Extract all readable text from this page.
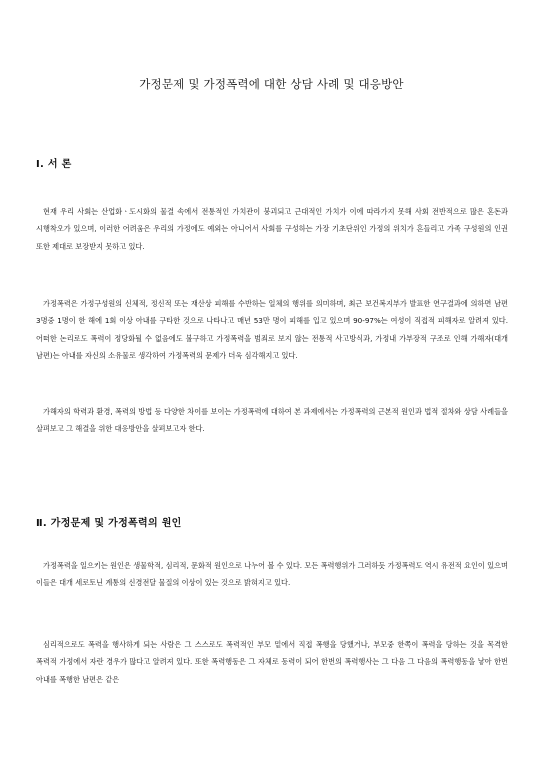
가정문제 및 가정폭력에 대한 상담 사례 및 대응방안
Ⅰ. 서 론

현재 우리 사회는 산업화ㆍ도시화의 물결 속에서 전통적인 가치관이 붕괴되고 근대적인 가치가 이에 따라가지 못해 사회 전반적으로 많은 혼돈과 시행착오가 있으며, 이러한 어려움은 우리의 가정에도 예외는 아니어서 사회를 구성하는 가장 기초단위인 가정의 위치가 흔들리고 가족 구성원의 인권 또한 제대로 보장받지 못하고 있다.

가정폭력은 가정구성원의 신체적, 정신적 또는 재산상 피해를 수반하는 일체의 행위를 의미하며, 최근 보건복지부가 발표한 연구결과에 의하면 남편 3명중 1명이 한 해에 1회 이상 아내를 구타한 것으로 나타나고 매년 53만 명이 피해를 입고 있으며 90-97%는 여성이 직접적 피해자로 알려져 있다. 어떠한 논리로도 폭력이 정당화될 수 없음에도 불구하고 가정폭력을 범죄로 보지 않는 전통적 사고방식과, 가정내 가부장적 구조로 인해 가해자(대개 남편)는 아내를 자신의 소유물로 생각하여 가정폭력의 문제가 더욱 심각해지고 있다.

가해자의 학력과 환경, 폭력의 방법 등 다양한 차이를 보이는 가정폭력에 대하여 본 과제에서는 가정폭력의 근본적 원인과 법적 절차와 상담 사례들을 살펴보고 그 해결을 위한 대응방안을 살펴보고자 한다.

Ⅱ. 가정문제 및 가정폭력의 원인

가정폭력을 일으키는 원인은 생물학적, 심리적, 문화적 원인으로 나누어 볼 수 있다. 모든 폭력행위가 그러하듯 가정폭력도 역시 유전적 요인이 있으며 이들은 대개 세로토닌 계통의 신경전달 물질의 이상이 있는 것으로 밝혀지고 있다.

심리적으로도 폭력을 행사하게 되는 사람은 그 스스로도 폭력적인 부모 밑에서 직접 폭행을 당했거나, 부모중 한쪽이 폭력을 당하는 것을 목격한 폭력적 가정에서 자란 경우가 많다고 알려져 있다. 또한 폭력행동은 그 자체로 동력이 되어 한번의 폭력행사는 그 다음 그 다음의 폭력행동을 낳아 한번 아내를 폭행한 남편은 같은
